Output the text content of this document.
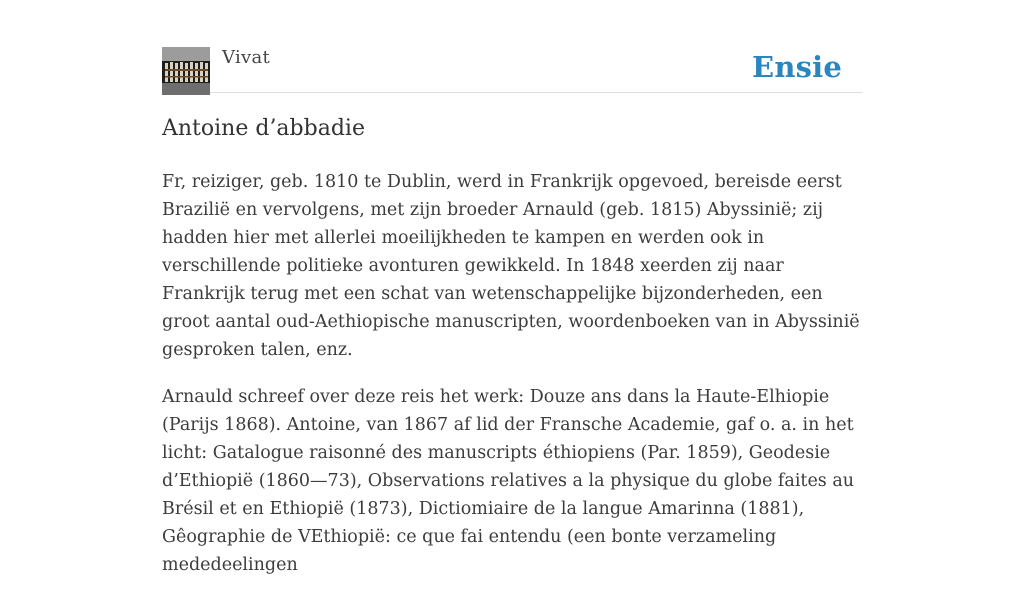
Vivat	Ensie
Antoine d’abbadie

Fr, reiziger, geb. 1810 te Dublin, werd in Frankrijk opgevoed, bereisde eerst Brazilië en vervolgens, met zijn broeder Arnauld (geb. 1815) Abyssinië; zij hadden hier met allerlei moeilijkheden te kampen en werden ook in verschillende politieke avonturen gewikkeld. In 1848 xeerden zij naar Frankrijk terug met een schat van wetenschappelijke bijzonderheden, een groot aantal oud-Aethiopische manuscripten, woordenboeken van in Abyssinië gesproken talen, enz.

Arnauld schreef over deze reis het werk: Douze ans dans la Haute-Elhiopie (Parijs 1868). Antoine, van 1867 af lid der Fransche Academie, gaf o. a. in het licht: Gatalogue raisonné des manuscripts éthiopiens (Par. 1859), Geodesie d’Ethiopië (1860—73), Observations relatives a la physique du globe faites au Brésil et en Ethiopië (1873), Dictiomiaire de la langue Amarinna (1881), Gêographie de VEthiopië: ce que fai entendu (een bonte verzameling mededeelingen
